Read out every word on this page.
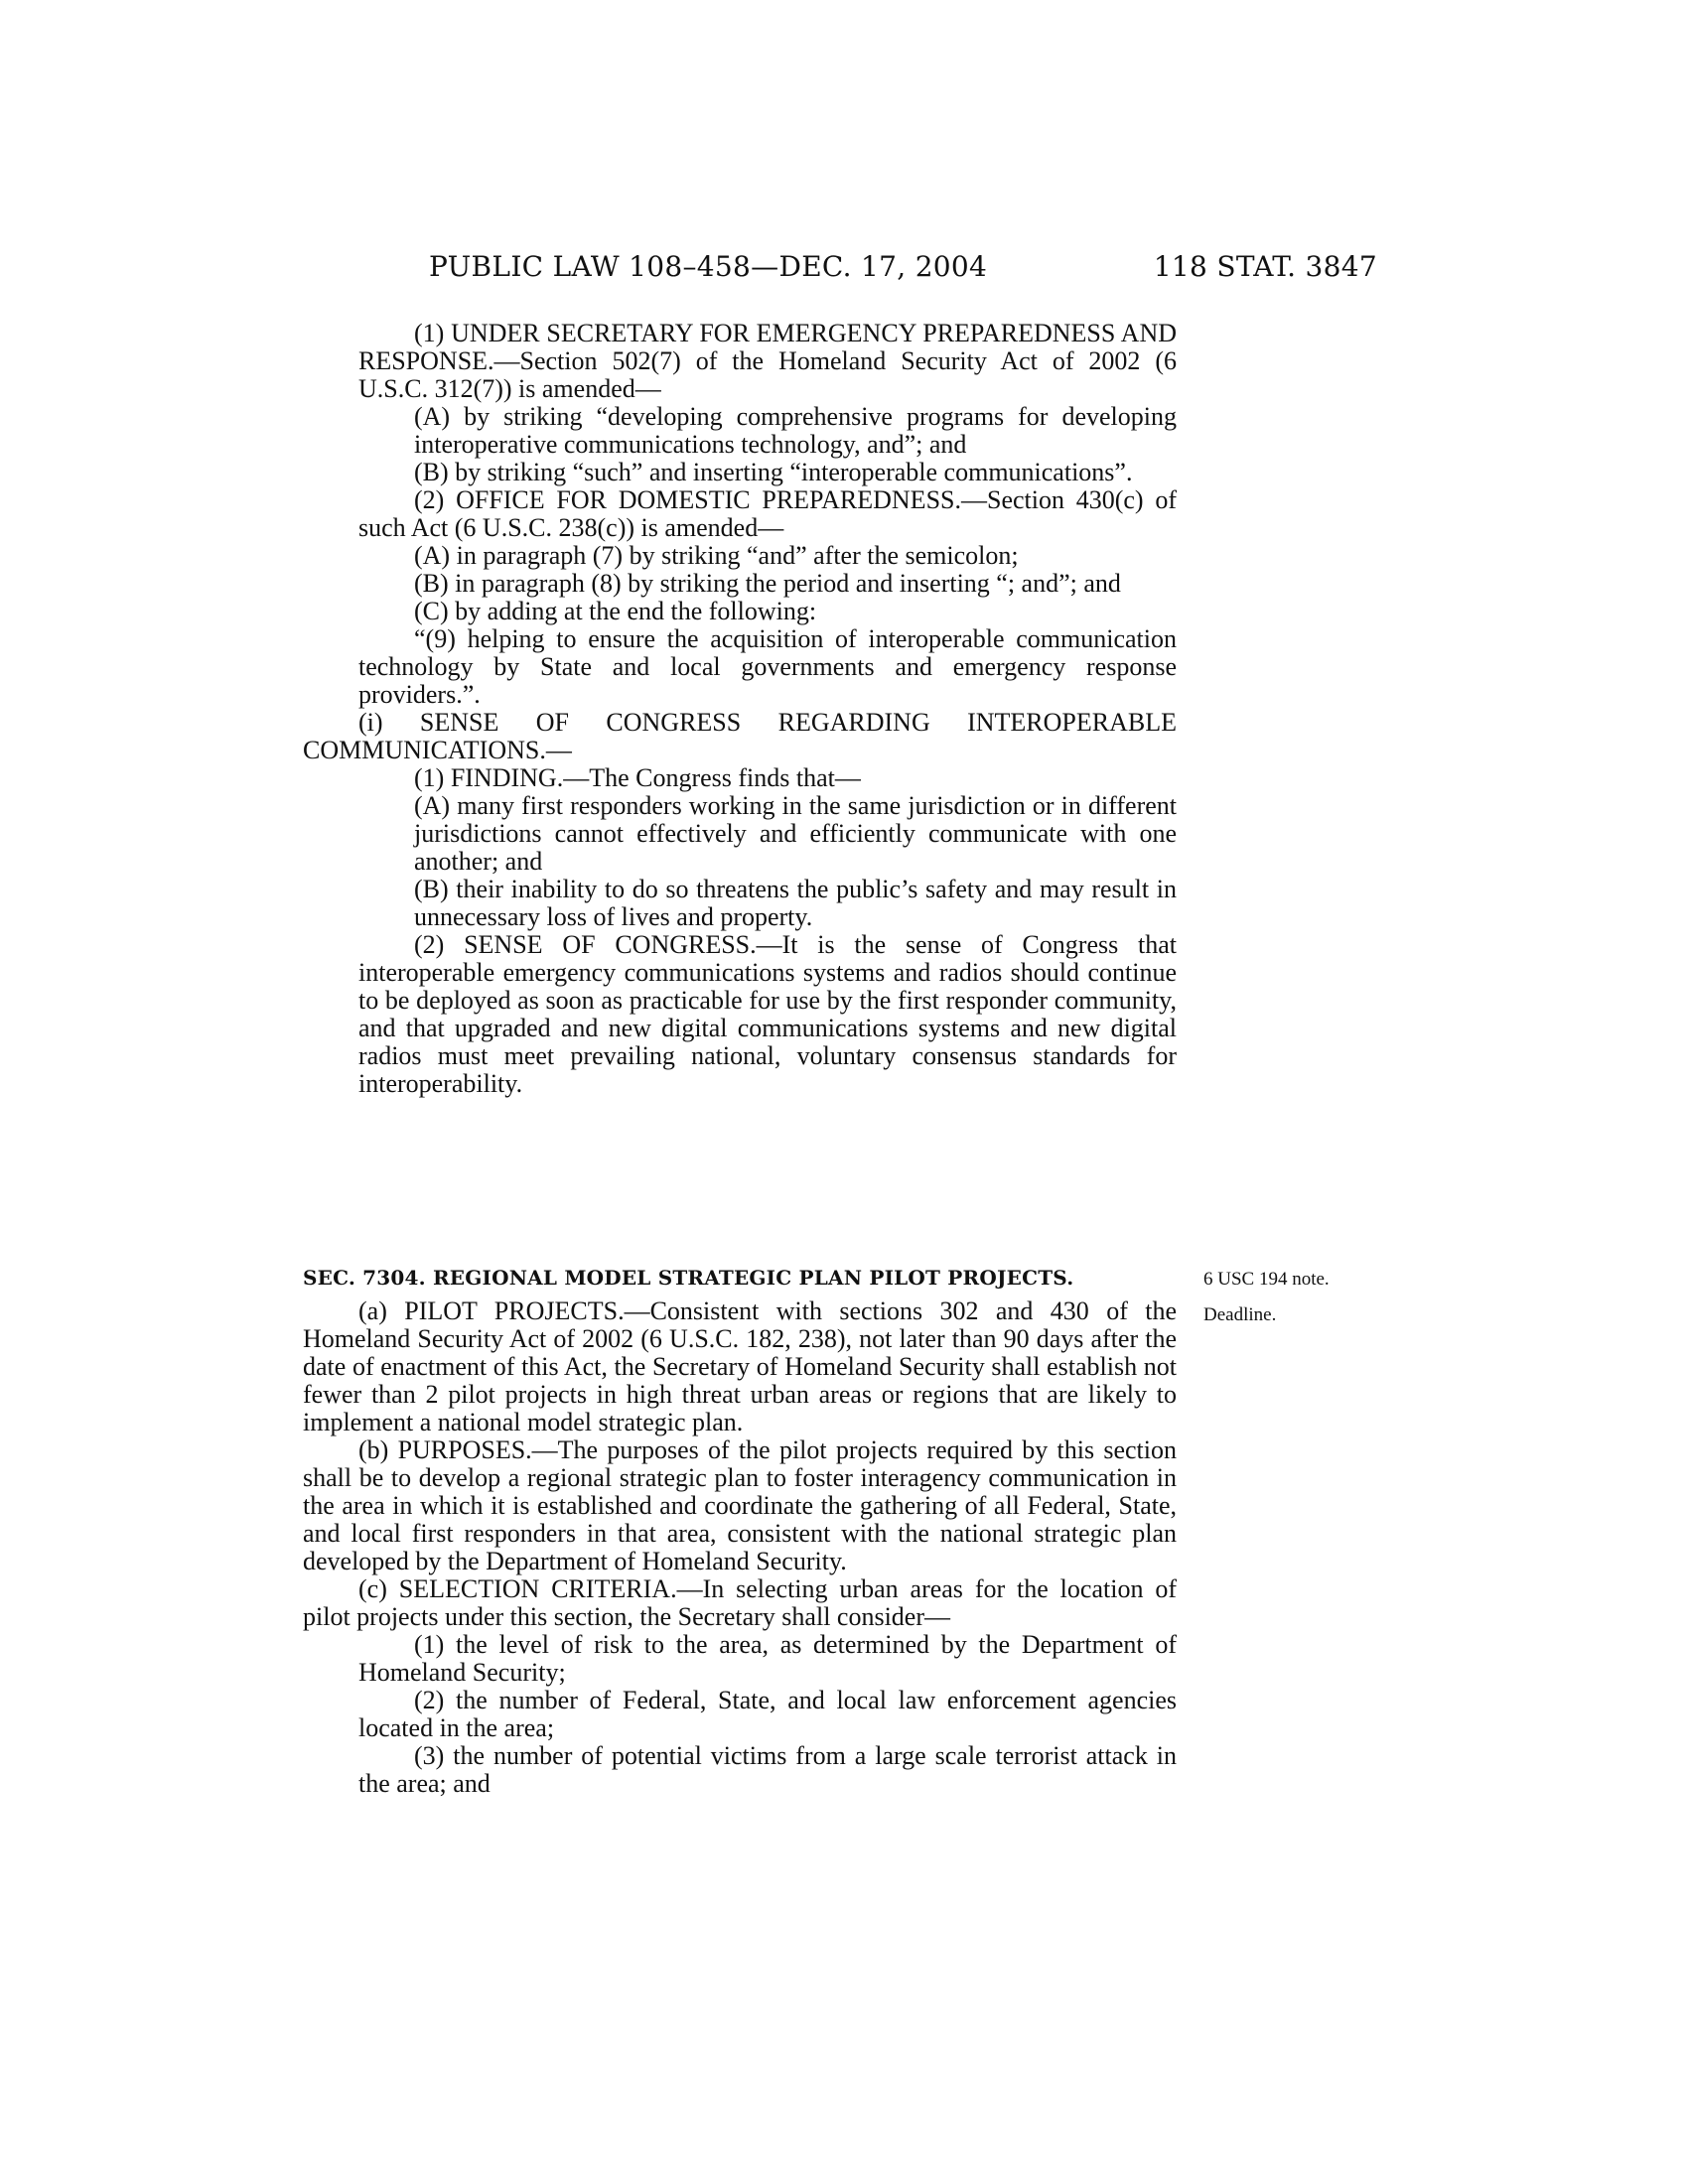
PUBLIC LAW 108–458—DEC. 17, 2004	118 STAT. 3847

(1) UNDER SECRETARY FOR EMERGENCY PREPAREDNESS AND RESPONSE.—Section 502(7) of the Homeland Security Act of 2002 (6 U.S.C. 312(7)) is amended—

(A) by striking “developing comprehensive programs for developing interoperative communications technology, and”; and

(B) by striking “such” and inserting “interoperable communications”.

(2) OFFICE FOR DOMESTIC PREPAREDNESS.—Section 430(c) of such Act (6 U.S.C. 238(c)) is amended—

(A) in paragraph (7) by striking “and” after the semicolon;

(B) in paragraph (8) by striking the period and inserting “; and”; and

(C) by adding at the end the following:

“(9) helping to ensure the acquisition of interoperable communication technology by State and local governments and emergency response providers.”.

(i) SENSE OF CONGRESS REGARDING INTEROPERABLE COMMUNICATIONS.—

(1) FINDING.—The Congress finds that—

(A) many first responders working in the same jurisdiction or in different jurisdictions cannot effectively and efficiently communicate with one another; and

(B) their inability to do so threatens the public’s safety and may result in unnecessary loss of lives and property.

(2) SENSE OF CONGRESS.—It is the sense of Congress that interoperable emergency communications systems and radios should continue to be deployed as soon as practicable for use by the first responder community, and that upgraded and new digital communications systems and new digital radios must meet prevailing national, voluntary consensus standards for interoperability.

SEC. 7304. REGIONAL MODEL STRATEGIC PLAN PILOT PROJECTS.	6 USC 194 note.
Deadline.

(a) PILOT PROJECTS.—Consistent with sections 302 and 430 of the Homeland Security Act of 2002 (6 U.S.C. 182, 238), not later than 90 days after the date of enactment of this Act, the Secretary of Homeland Security shall establish not fewer than 2 pilot projects in high threat urban areas or regions that are likely to implement a national model strategic plan.

(b) PURPOSES.—The purposes of the pilot projects required by this section shall be to develop a regional strategic plan to foster interagency communication in the area in which it is established and coordinate the gathering of all Federal, State, and local first responders in that area, consistent with the national strategic plan developed by the Department of Homeland Security.

(c) SELECTION CRITERIA.—In selecting urban areas for the location of pilot projects under this section, the Secretary shall consider—

(1) the level of risk to the area, as determined by the Department of Homeland Security;

(2) the number of Federal, State, and local law enforcement agencies located in the area;

(3) the number of potential victims from a large scale terrorist attack in the area; and
